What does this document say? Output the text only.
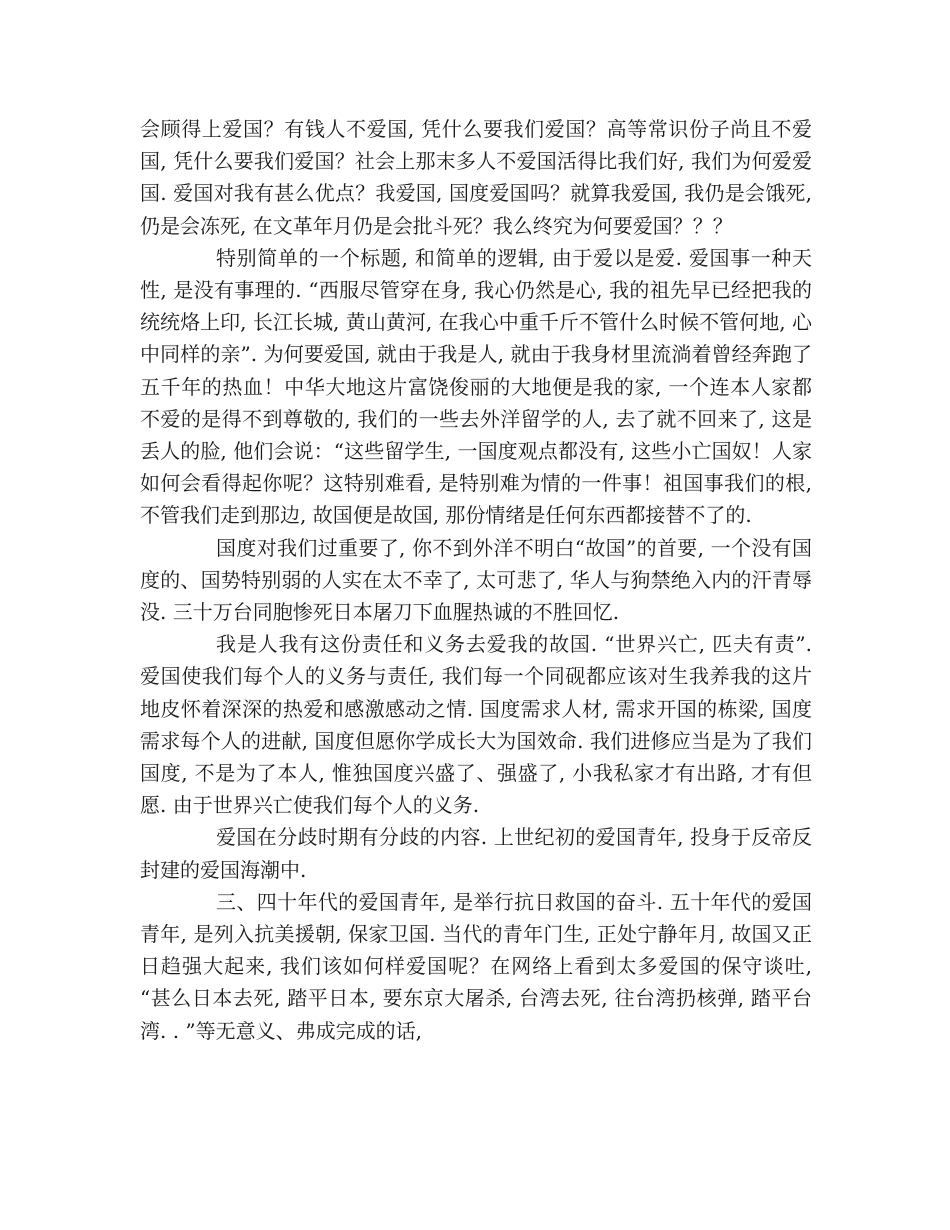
会顾得上爱国？有钱人不爱国, 凭什么要我们爱国？高等常识份子尚且不爱国, 凭什么要我们爱国？社会上那末多人不爱国活得比我们好, 我们为何爱爱国. 爱国对我有甚么优点？我爱国, 国度爱国吗？就算我爱国, 我仍是会饿死, 仍是会冻死, 在文革年月仍是会批斗死？我么终究为何要爱国？？？

特别简单的一个标题, 和简单的逻辑, 由于爱以是爱. 爱国事一种天性, 是没有事理的. “西服尽管穿在身, 我心仍然是心, 我的祖先早已经把我的统统烙上印, 长江长城, 黄山黄河, 在我心中重千斤不管什么时候不管何地, 心中同样的亲”. 为何要爱国, 就由于我是人, 就由于我身材里流淌着曾经奔跑了五千年的热血！中华大地这片富饶俊丽的大地便是我的家, 一个连本人家都不爱的是得不到尊敬的, 我们的一些去外洋留学的人, 去了就不回来了, 这是丢人的脸, 他们会说：“这些留学生, 一国度观点都没有, 这些小亡国奴！人家如何会看得起你呢？这特别难看, 是特别难为情的一件事！祖国事我们的根, 不管我们走到那边, 故国便是故国, 那份情绪是任何东西都接替不了的.

国度对我们过重要了, 你不到外洋不明白“故国”的首要, 一个没有国度的、国势特别弱的人实在太不幸了, 太可悲了, 华人与狗禁绝入内的汗青辱没. 三十万台同胞惨死日本屠刀下血腥热诚的不胜回忆.

我是人我有这份责任和义务去爱我的故国. “世界兴亡, 匹夫有责”. 爱国使我们每个人的义务与责任, 我们每一个同砚都应该对生我养我的这片地皮怀着深深的热爱和感激感动之情. 国度需求人材, 需求开国的栋梁, 国度需求每个人的进献, 国度但愿你学成长大为国效命. 我们进修应当是为了我们国度, 不是为了本人, 惟独国度兴盛了、强盛了, 小我私家才有出路, 才有但愿. 由于世界兴亡使我们每个人的义务.

爱国在分歧时期有分歧的内容. 上世纪初的爱国青年, 投身于反帝反封建的爱国海潮中.

三、四十年代的爱国青年, 是举行抗日救国的奋斗. 五十年代的爱国青年, 是列入抗美援朝, 保家卫国. 当代的青年门生, 正处宁静年月, 故国又正日趋强大起来, 我们该如何样爱国呢？在网络上看到太多爱国的保守谈吐, “甚么日本去死, 踏平日本, 要东京大屠杀, 台湾去死, 往台湾扔核弹, 踏平台湾. . ”等无意义、弗成完成的话,
